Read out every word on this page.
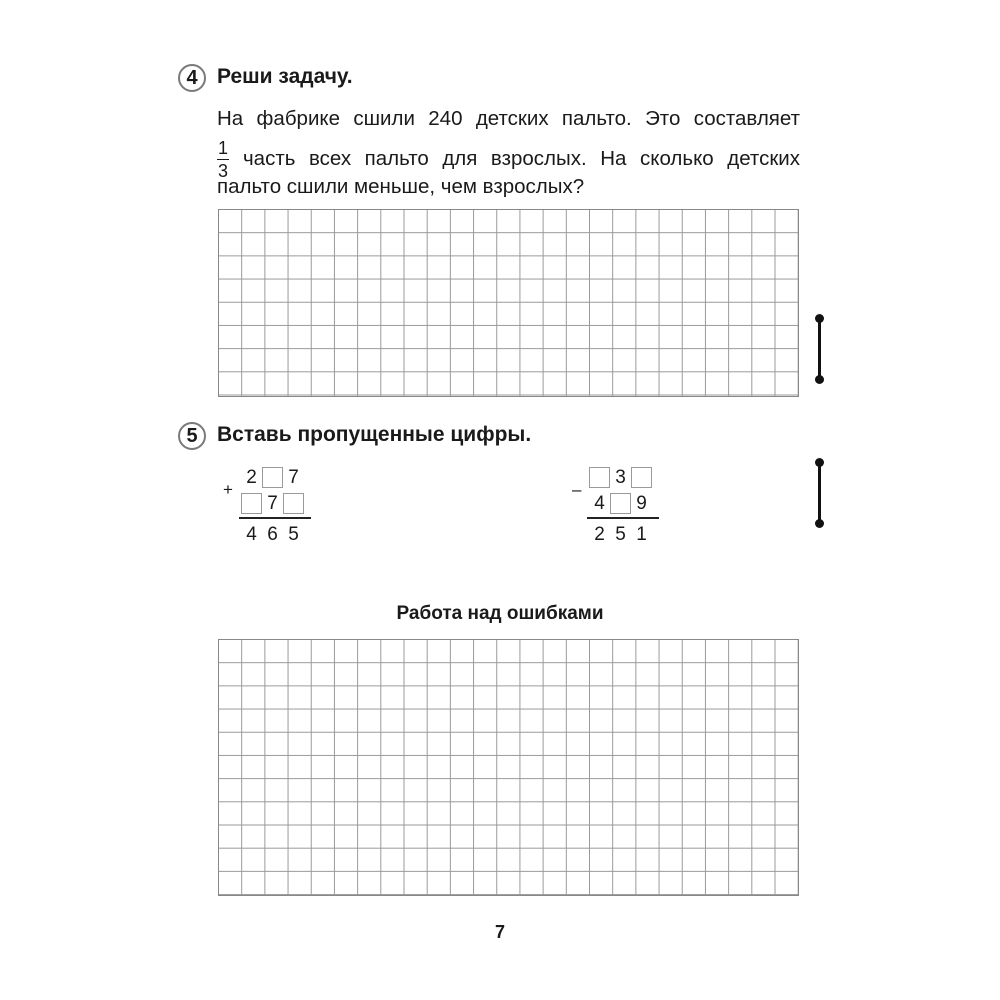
4 Реши задачу.
На фабрике сшили 240 детских пальто. Это составляет
$\frac{1}{3}$ часть всех пальто для взрослых. На сколько детских
пальто сшили меньше, чем взрослых?
5 Вставь пропущенные цифры.
+
2 7
7
4 6 5
–
3
4 9
2 5 1
Работа над ошибками
7
